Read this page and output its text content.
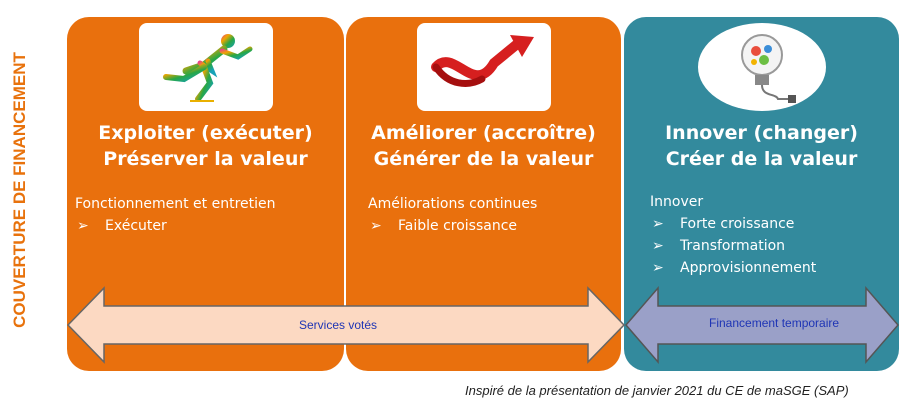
COUVERTURE DE FINANCEMENT	Exploiter (exécuter)
Préserver la valeur
Fonctionnement et entretien
➢ Exécuter
Améliorer (accroître)
Générer de la valeur
Améliorations continues
➢ Faible croissance
Innover (changer)
Créer de la valeur
Innover
➢ Forte croissance
➢ Transformation
➢ Approvisionnement
Services votés	Financement temporaire
Inspiré de la présentation de janvier 2021 du CE de maSGE (SAP)
